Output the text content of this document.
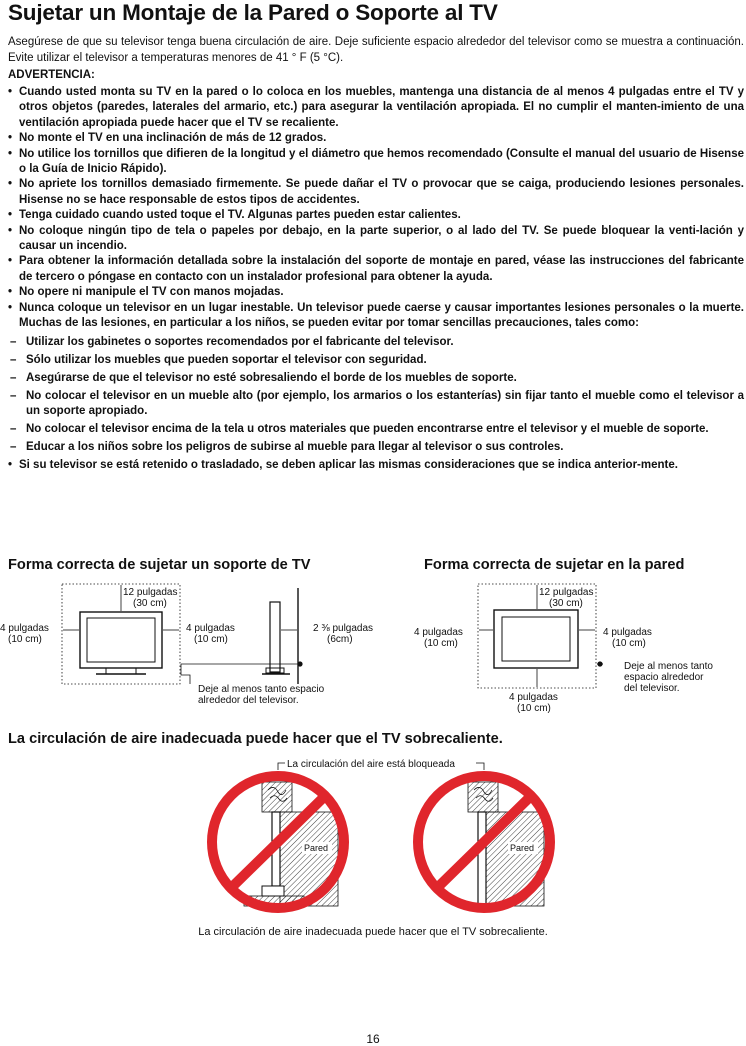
Sujetar un Montaje de la Pared o Soporte al TV

Asegúrese de que su televisor tenga buena circulación de aire. Deje suficiente espacio alrededor del televisor como se muestra a continuación. Evite utilizar el televisor a temperaturas menores de 41 ° F (5 °C).

ADVERTENCIA:

• Cuando usted monta su TV en la pared o lo coloca en los muebles, mantenga una distancia de al menos 4 pulgadas entre el TV y otros objetos (paredes, laterales del armario, etc.) para asegurar la ventilación apropiada. El no cumplir el manten-imiento de una ventilación apropiada puede hacer que el TV se recaliente.
• No monte el TV en una inclinación de más de 12 grados.
• No utilice los tornillos que difieren de la longitud y el diámetro que hemos recomendado (Consulte el manual del usuario de Hisense o la Guía de Inicio Rápido).
• No apriete los tornillos demasiado firmemente. Se puede dañar el TV o provocar que se caiga, produciendo lesiones personales. Hisense no se hace responsable de estos tipos de accidentes.
• Tenga cuidado cuando usted toque el TV. Algunas partes pueden estar calientes.
• No coloque ningún tipo de tela o papeles por debajo, en la parte superior, o al lado del TV. Se puede bloquear la venti-lación y causar un incendio.
• Para obtener la información detallada sobre la instalación del soporte de montaje en pared, véase las instrucciones del fabricante de tercero o póngase en contacto con un instalador profesional para obtener la ayuda.
• No opere ni manipule el TV con manos mojadas.
• Nunca coloque un televisor en un lugar inestable. Un televisor puede caerse y causar importantes lesiones personales o la muerte. Muchas de las lesiones, en particular a los niños, se pueden evitar por tomar sencillas precauciones, tales como:
– Utilizar los gabinetes o soportes recomendados por el fabricante del televisor.
– Sólo utilizar los muebles que pueden soportar el televisor con seguridad.
– Asegúrarse de que el televisor no esté sobresaliendo el borde de los muebles de soporte.
– No colocar el televisor en un mueble alto (por ejemplo, los armarios o los estanterías) sin fijar tanto el mueble como el televisor a un soporte apropiado.
– No colocar el televisor encima de la tela u otros materiales que pueden encontrarse entre el televisor y el mueble de soporte.
– Educar a los niños sobre los peligros de subirse al mueble para llegar al televisor o sus controles.
• Si su televisor se está retenido o trasladado, se deben aplicar las mismas consideraciones que se indica anterior-mente.

Forma correcta de sujetar un soporte de TV	Forma correcta de sujetar en la pared

12 pulgadas
(30 cm)
4 pulgadas
(10 cm)
4 pulgadas
(10 cm)
2 ⅜ pulgadas
(6cm)
Deje al menos tanto espacio
alrededor del televisor.
12 pulgadas
(30 cm)
4 pulgadas
(10 cm)
4 pulgadas
(10 cm)
Deje al menos tanto
espacio alrededor
del televisor.
4 pulgadas
(10 cm)

La circulación de aire inadecuada puede hacer que el TV sobrecaliente.

La circulación del aire está bloqueada
Pared	Pared

La circulación de aire inadecuada puede hacer que el TV sobrecaliente.

16
